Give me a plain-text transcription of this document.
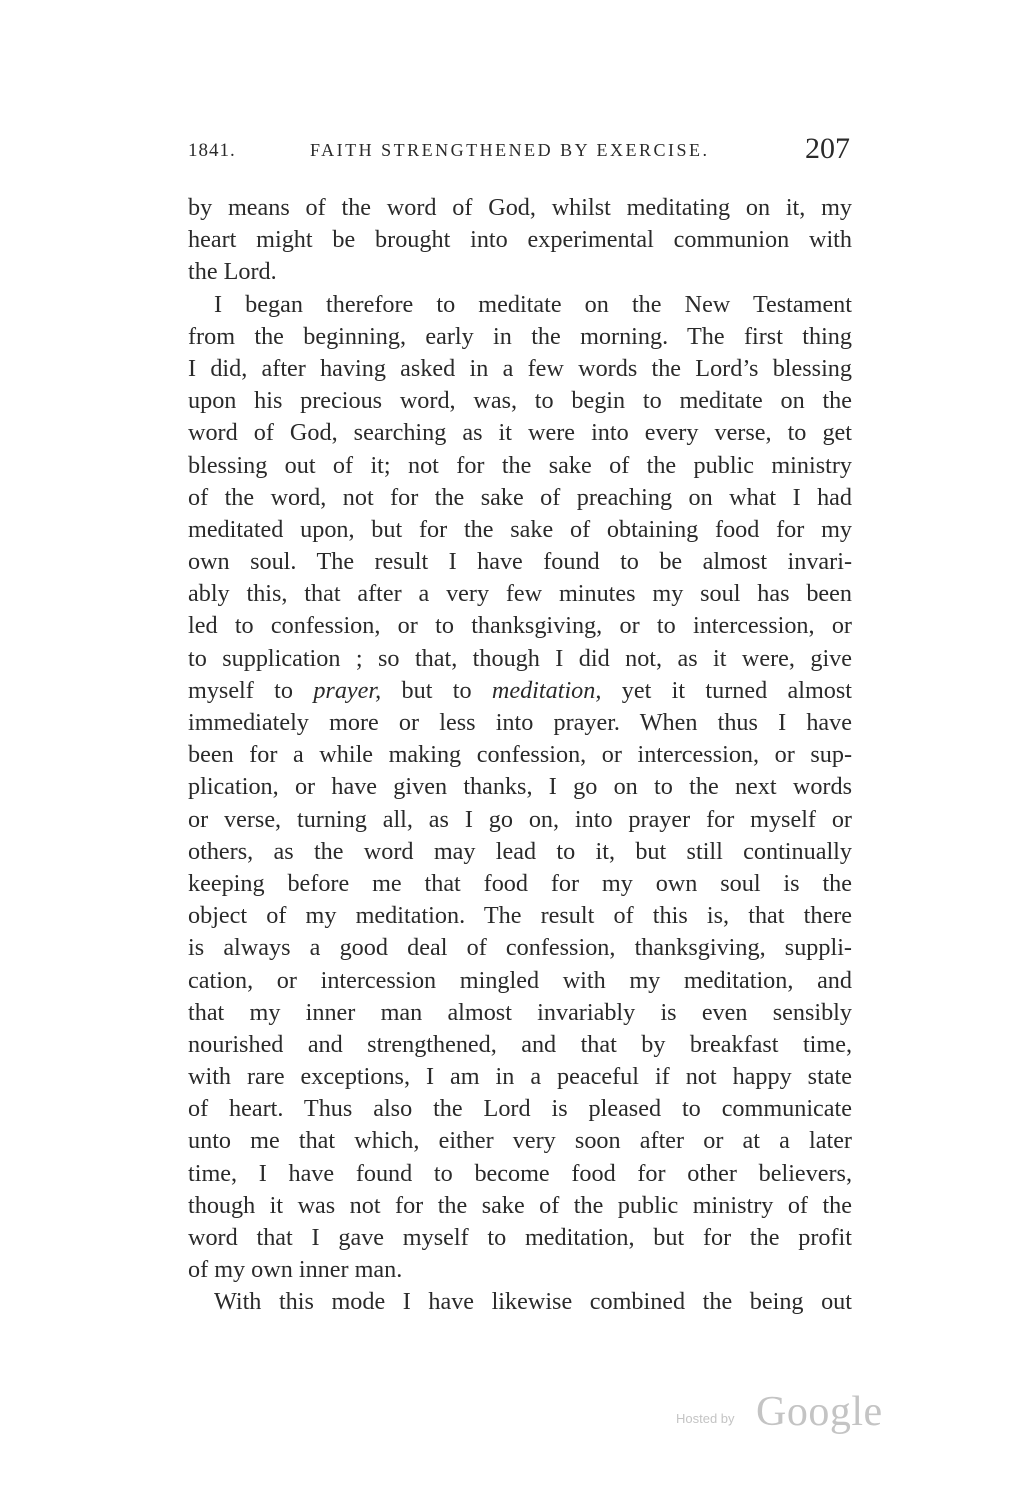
1841.	FAITH STRENGTHENED BY EXERCISE.	207
by means of the word of God, whilst meditating on it, my
heart might be brought into experimental communion with
the Lord.
I began therefore to meditate on the New Testament
from the beginning, early in the morning. The first thing
I did, after having asked in a few words the Lord’s blessing
upon his precious word, was, to begin to meditate on the
word of God, searching as it were into every verse, to get
blessing out of it; not for the sake of the public ministry
of the word, not for the sake of preaching on what I had
meditated upon, but for the sake of obtaining food for my
own soul. The result I have found to be almost invari-
ably this, that after a very few minutes my soul has been
led to confession, or to thanksgiving, or to intercession, or
to supplication ; so that, though I did not, as it were, give
myself to prayer, but to meditation, yet it turned almost
immediately more or less into prayer. When thus I have
been for a while making confession, or intercession, or sup-
plication, or have given thanks, I go on to the next words
or verse, turning all, as I go on, into prayer for myself or
others, as the word may lead to it, but still continually
keeping before me that food for my own soul is the
object of my meditation. The result of this is, that there
is always a good deal of confession, thanksgiving, suppli-
cation, or intercession mingled with my meditation, and
that my inner man almost invariably is even sensibly
nourished and strengthened, and that by breakfast time,
with rare exceptions, I am in a peaceful if not happy state
of heart. Thus also the Lord is pleased to communicate
unto me that which, either very soon after or at a later
time, I have found to become food for other believers,
though it was not for the sake of the public ministry of the
word that I gave myself to meditation, but for the profit
of my own inner man.
With this mode I have likewise combined the being out
Hosted by Google
